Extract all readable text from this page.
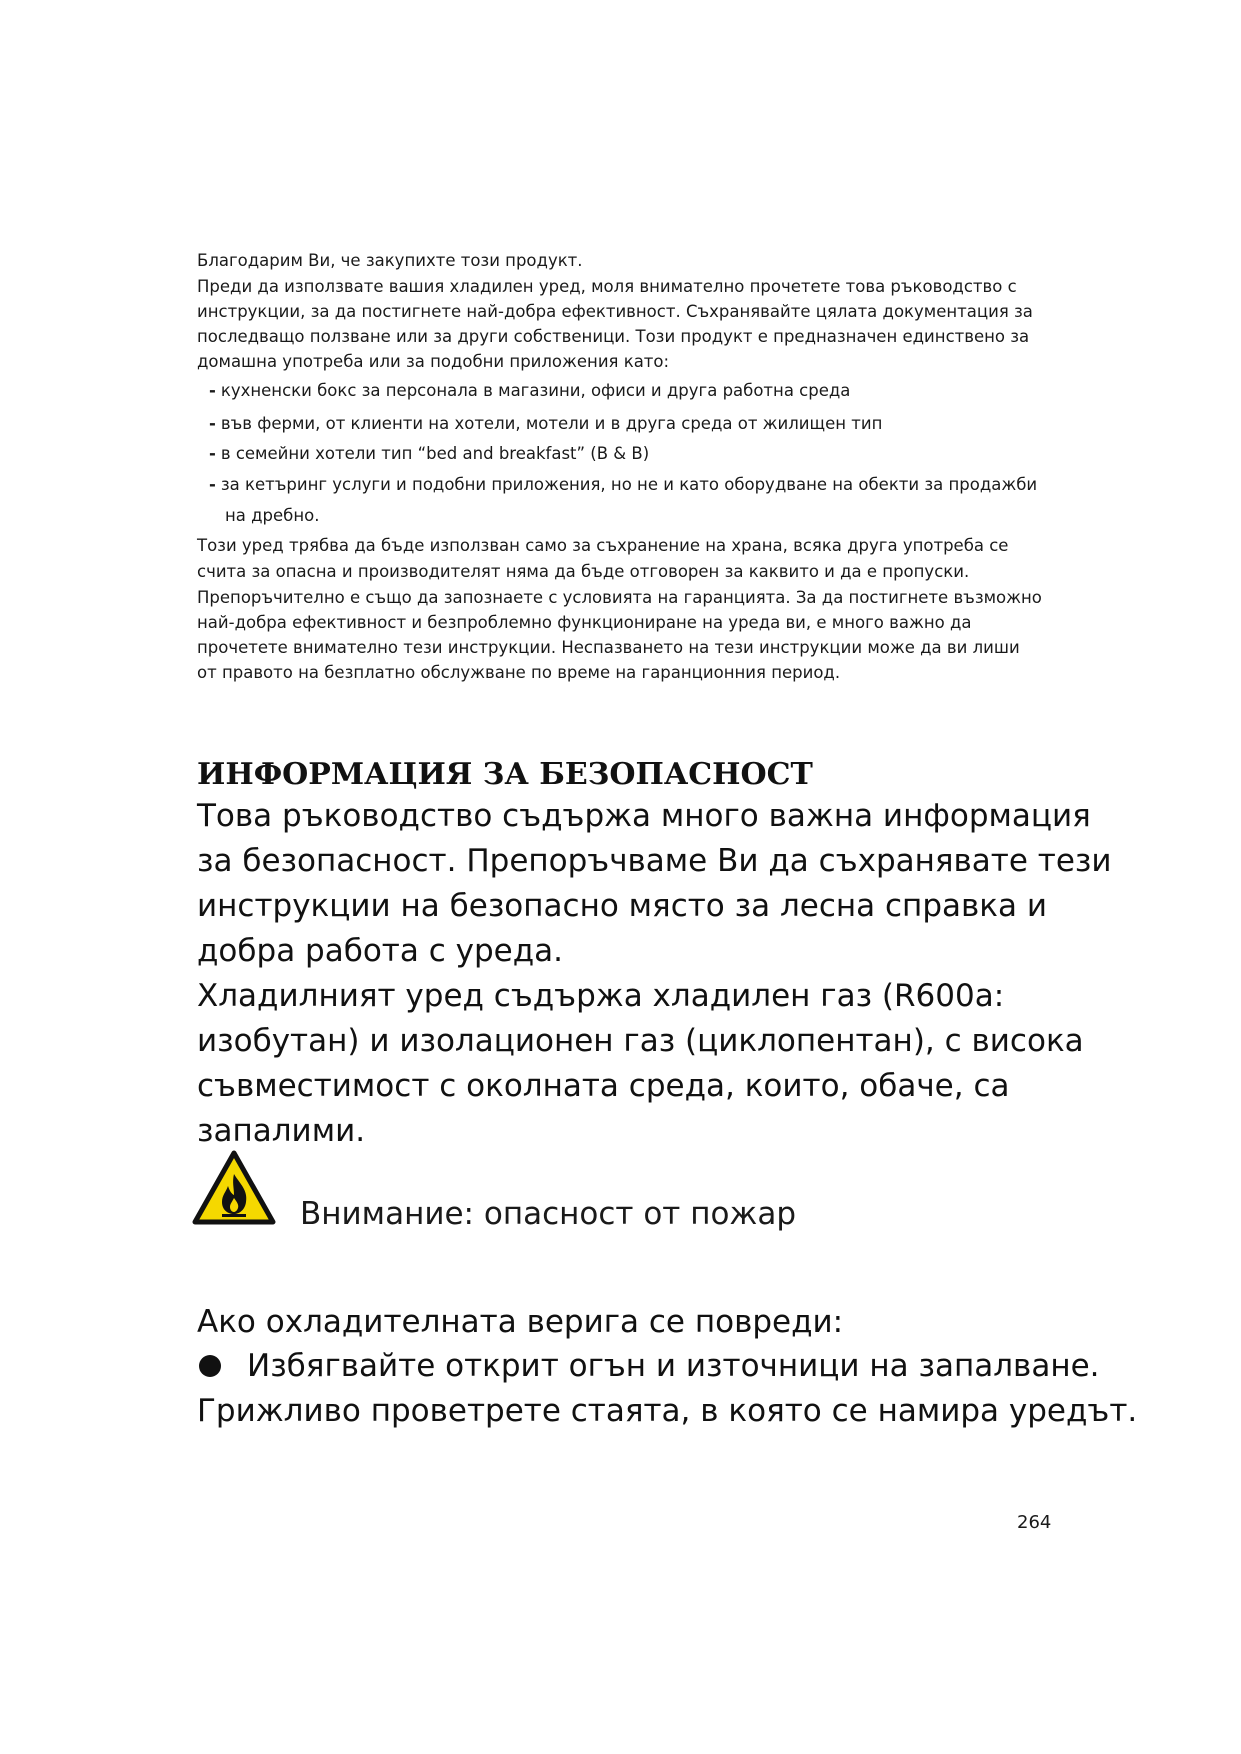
Благодарим Ви, че закупихте този продукт.

Преди да използвате вашия хладилен уред, моля внимателно прочетете това ръководство с

инструкции, за да постигнете най-добра ефективност. Съхранявайте цялата документация за

последващо ползване или за други собственици. Този продукт е предназначен единствено за

домашна употреба или за подобни приложения като:

- кухненски бокс за персонала в магазини, офиси и друга работна среда

- във ферми, от клиенти на хотели, мотели и в друга среда от жилищен тип

- в семейни хотели тип “bed and breakfast” (B & B)

- за кетъринг услуги и подобни приложения, но не и като оборудване на обекти за продажби

на дребно.

Този уред трябва да бъде използван само за съхранение на храна, всяка друга употреба се

счита за опасна и производителят няма да бъде отговорен за каквито и да е пропуски.

Препоръчително е също да запознаете с условията на гаранцията. За да постигнете възможно

най-добра ефективност и безпроблемно функциониране на уреда ви, е много важно да

прочетете внимателно тези инструкции. Неспазването на тези инструкции може да ви лиши

от правото на безплатно обслужване по време на гаранционния период.

ИНФОРМАЦИЯ ЗА БЕЗОПАСНОСТ

Това ръководство съдържа много важна информация

за безопасност. Препоръчваме Ви да съхранявате тези

инструкции на безопасно място за лесна справка и

добра работа с уреда.

Хладилният уред съдържа хладилен газ (R600a:

изобутан) и изолационен газ (циклопентан), с висока

съвместимост с околната среда, които, обаче, са

запалими.

Внимание: опасност от пожар

Ако охладителната верига се повреди:

Избягвайте открит огън и източници на запалване.

Грижливо проветрете стаята, в която се намира уредът.

264
